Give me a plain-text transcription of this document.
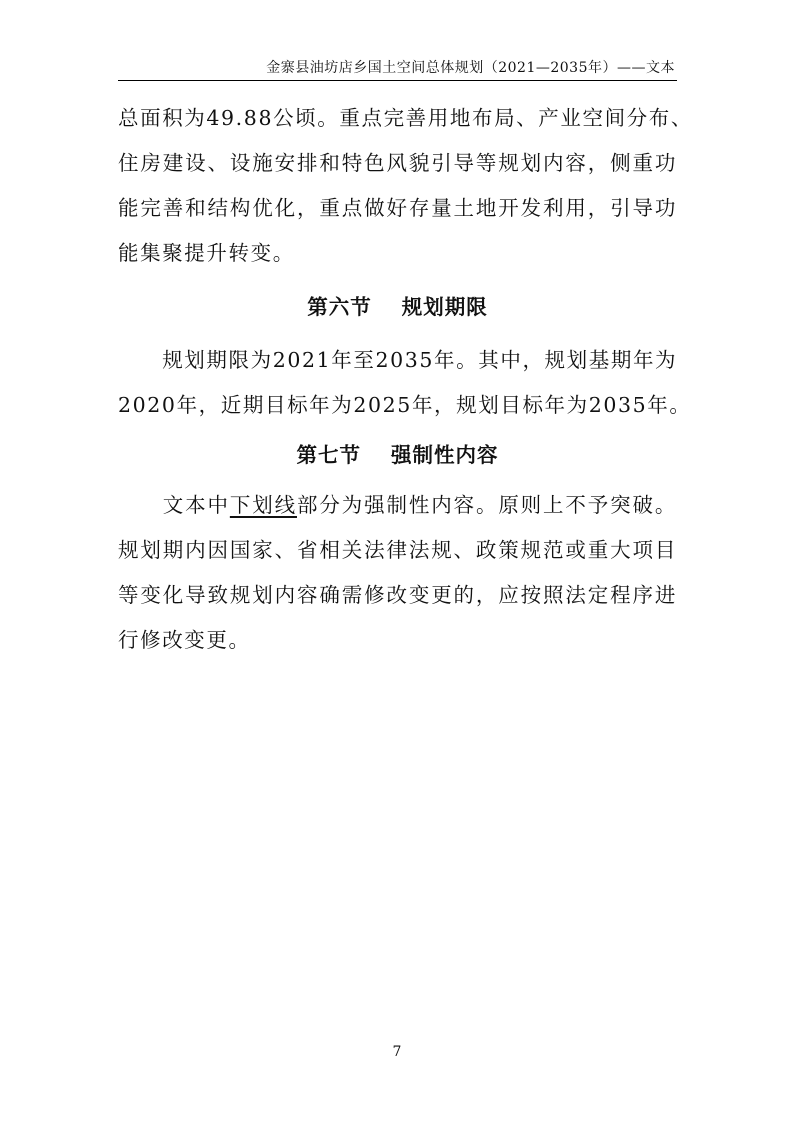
金寨县油坊店乡国土空间总体规划（2021—2035年）——文本
总面积为49.88公顷。重点完善用地布局、产业空间分布、
住房建设、设施安排和特色风貌引导等规划内容，侧重功
能完善和结构优化，重点做好存量土地开发利用，引导功
能集聚提升转变。
第六节 规划期限
　　规划期限为2021年至2035年。其中，规划基期年为
2020年，近期目标年为2025年，规划目标年为2035年。
第七节 强制性内容
　　文本中下划线部分为强制性内容。原则上不予突破。
规划期内因国家、省相关法律法规、政策规范或重大项目
等变化导致规划内容确需修改变更的，应按照法定程序进
行修改变更。
7
